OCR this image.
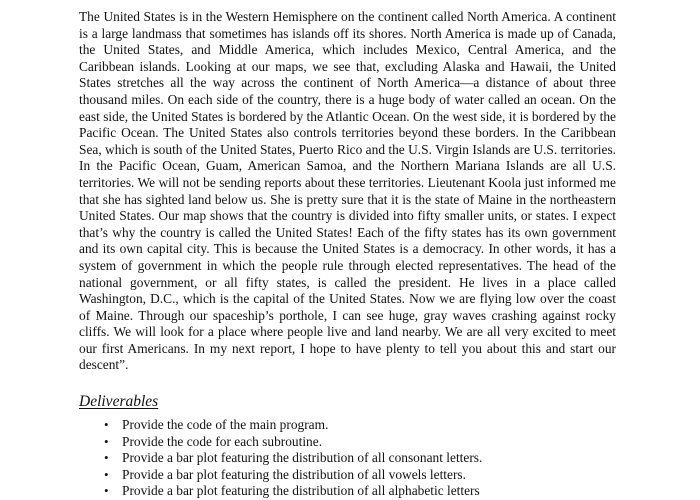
The United States is in the Western Hemisphere on the continent called North America. A continent is a large landmass that sometimes has islands off its shores. North America is made up of Canada, the United States, and Middle America, which includes Mexico, Central America, and the Caribbean islands. Looking at our maps, we see that, excluding Alaska and Hawaii, the United States stretches all the way across the continent of North America—a distance of about three thousand miles. On each side of the country, there is a huge body of water called an ocean. On the east side, the United States is bordered by the Atlantic Ocean. On the west side, it is bordered by the Pacific Ocean. The United States also controls territories beyond these borders. In the Caribbean Sea, which is south of the United States, Puerto Rico and the U.S. Virgin Islands are U.S. territories. In the Pacific Ocean, Guam, American Samoa, and the Northern Mariana Islands are all U.S. territories. We will not be sending reports about these territories. Lieutenant Koola just informed me that she has sighted land below us. She is pretty sure that it is the state of Maine in the northeastern United States. Our map shows that the country is divided into fifty smaller units, or states. I expect that’s why the country is called the United States! Each of the fifty states has its own government and its own capital city. This is because the United States is a democracy. In other words, it has a system of government in which the people rule through elected representatives. The head of the national government, or all fifty states, is called the president. He lives in a place called Washington, D.C., which is the capital of the United States. Now we are flying low over the coast of Maine. Through our spaceship’s porthole, I can see huge, gray waves crashing against rocky cliffs. We will look for a place where people live and land nearby. We are all very excited to meet our first Americans. In my next report, I hope to have plenty to tell you about this and start our descent”.

Deliverables
• Provide the code of the main program.
• Provide the code for each subroutine.
• Provide a bar plot featuring the distribution of all consonant letters.
• Provide a bar plot featuring the distribution of all vowels letters.
• Provide a bar plot featuring the distribution of all alphabetic letters
